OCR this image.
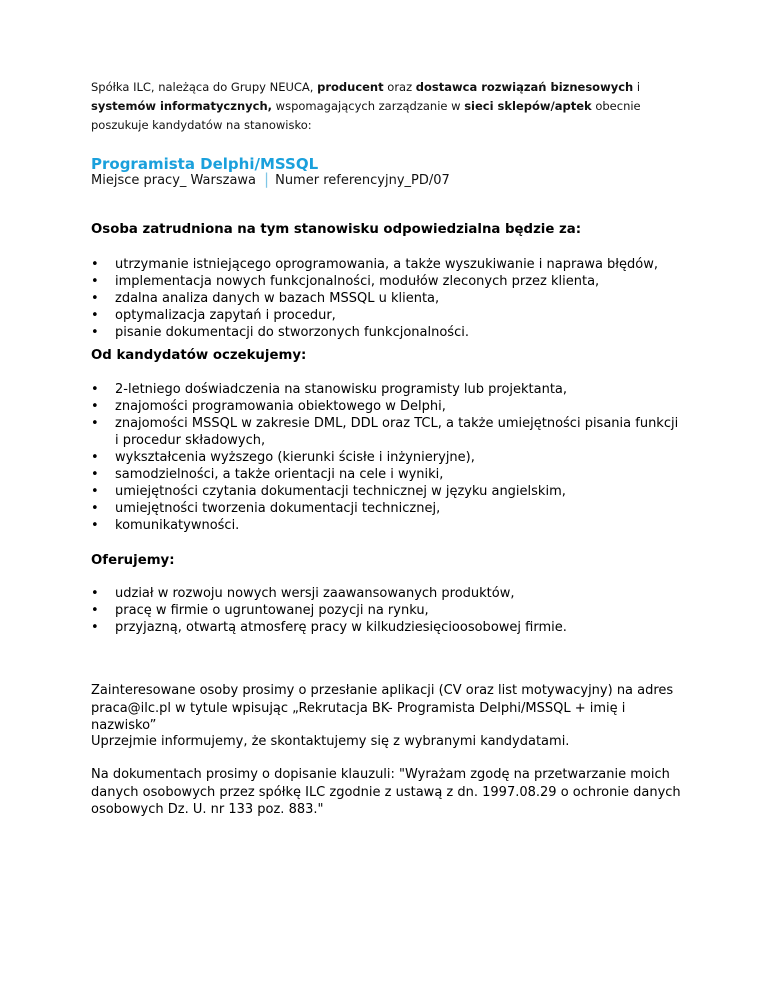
Spółka ILC, należąca do Grupy NEUCA, producent oraz dostawca rozwiązań biznesowych i systemów informatycznych, wspomagających zarządzanie w sieci sklepów/aptek obecnie poszukuje kandydatów na stanowisko:

Programista Delphi/MSSQL
Miejsce pracy_ Warszawa | Numer referencyjny_PD/07
Osoba zatrudniona na tym stanowisku odpowiedzialna będzie za:
• utrzymanie istniejącego oprogramowania, a także wyszukiwanie i naprawa błędów,
• implementacja nowych funkcjonalności, modułów zleconych przez klienta,
• zdalna analiza danych w bazach MSSQL u klienta,
• optymalizacja zapytań i procedur,
• pisanie dokumentacji do stworzonych funkcjonalności.
Od kandydatów oczekujemy:
• 2-letniego doświadczenia na stanowisku programisty lub projektanta,
• znajomości programowania obiektowego w Delphi,
• znajomości MSSQL w zakresie DML, DDL oraz TCL, a także umiejętności pisania funkcji i procedur składowych,
• wykształcenia wyższego (kierunki ścisłe i inżynieryjne),
• samodzielności, a także orientacji na cele i wyniki,
• umiejętności czytania dokumentacji technicznej w języku angielskim,
• umiejętności tworzenia dokumentacji technicznej,
• komunikatywności.
Oferujemy:
• udział w rozwoju nowych wersji zaawansowanych produktów,
• pracę w firmie o ugruntowanej pozycji na rynku,
• przyjazną, otwartą atmosferę pracy w kilkudziesięcioosobowej firmie.

Zainteresowane osoby prosimy o przesłanie aplikacji (CV oraz list motywacyjny) na adres praca@ilc.pl w tytule wpisując „Rekrutacja BK- Programista Delphi/MSSQL + imię i nazwisko”

Uprzejmie informujemy, że skontaktujemy się z wybranymi kandydatami.

Na dokumentach prosimy o dopisanie klauzuli: "Wyrażam zgodę na przetwarzanie moich danych osobowych przez spółkę ILC zgodnie z ustawą z dn. 1997.08.29 o ochronie danych osobowych Dz. U. nr 133 poz. 883."
